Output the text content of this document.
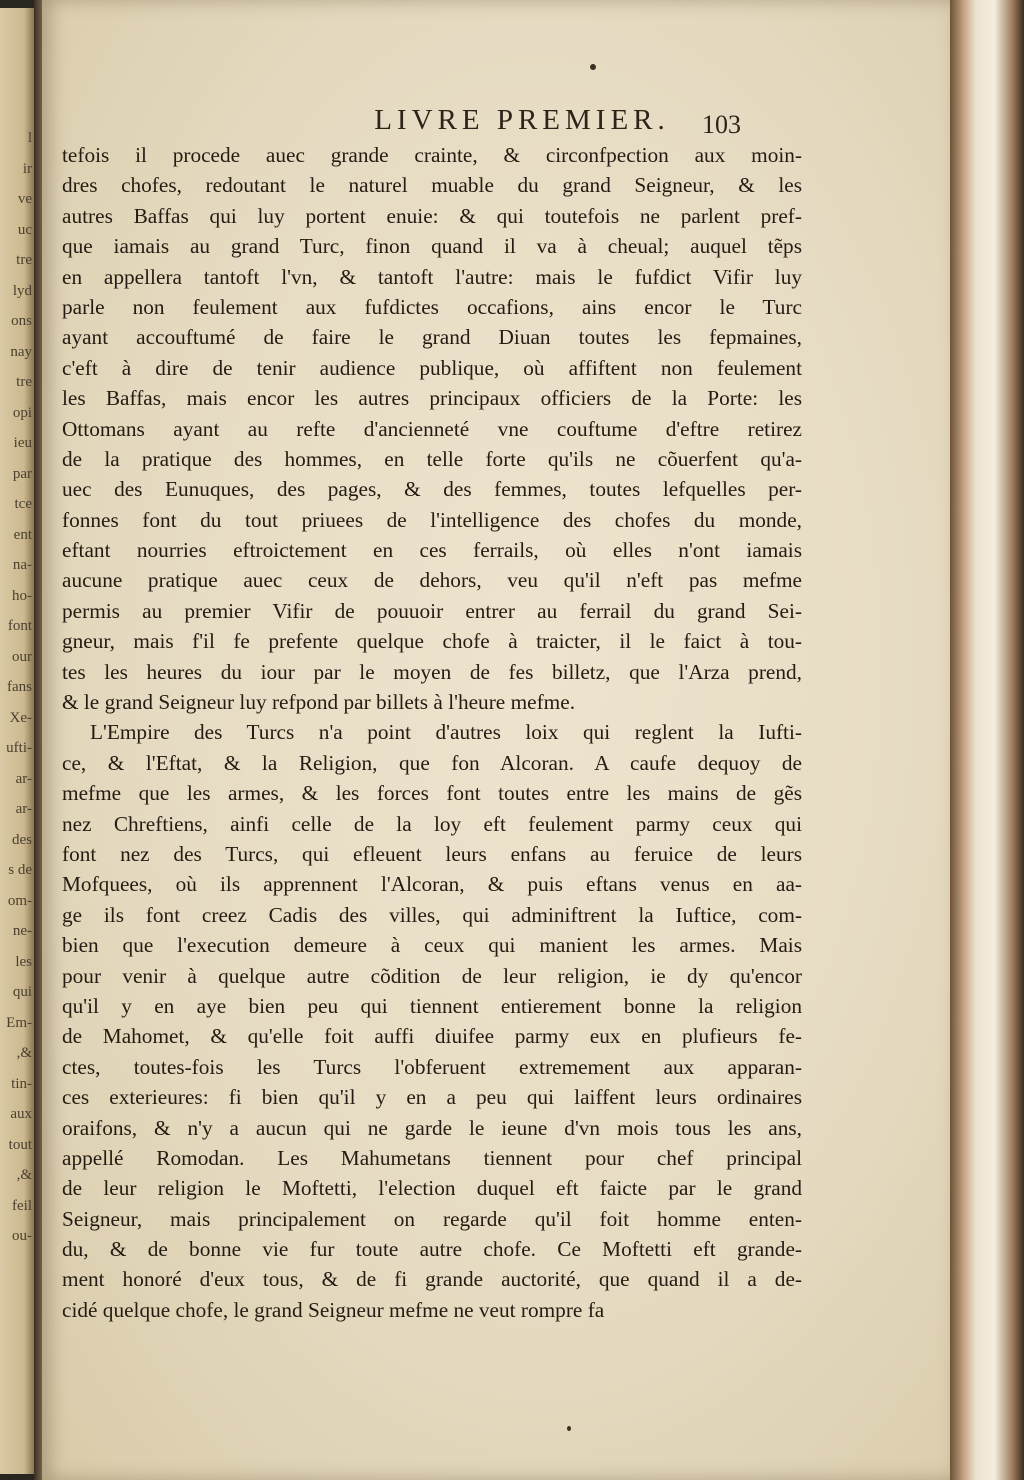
l
ir
ve
uc
tre
lyd
ons
nay
tre
opi
ieu
par
tce
ent
na-
ho-
font
our
fans
Xe-
ufti-
ar-
ar-
des
s de
om-
ne-
les
qui
Em-
,&
tin-
aux
tout
,&
feil
ou-
LIVRE PREMIER.	103
tefois il procede auec grande crainte, & circonfpection aux moin-
dres chofes, redoutant le naturel muable du grand Seigneur, & les
autres Baffas qui luy portent enuie: & qui toutefois ne parlent pref-
que iamais au grand Turc, finon quand il va à cheual; auquel tẽps
en appellera tantoft l'vn, & tantoft l'autre: mais le fufdict Vifir luy
parle non feulement aux fufdictes occafions, ains encor le Turc
ayant accouftumé de faire le grand Diuan toutes les fepmaines,
c'eft à dire de tenir audience publique, où affiftent non feulement
les Baffas, mais encor les autres principaux officiers de la Porte: les
Ottomans ayant au refte d'ancienneté vne couftume d'eftre retirez
de la pratique des hommes, en telle forte qu'ils ne cõuerfent qu'a-
uec des Eunuques, des pages, & des femmes, toutes lefquelles per-
fonnes font du tout priuees de l'intelligence des chofes du monde,
eftant nourries eftroictement en ces ferrails, où elles n'ont iamais
aucune pratique auec ceux de dehors, veu qu'il n'eft pas mefme
permis au premier Vifir de pouuoir entrer au ferrail du grand Sei-
gneur, mais f'il fe prefente quelque chofe à traicter, il le faict à tou-
tes les heures du iour par le moyen de fes billetz, que l'Arza prend,
& le grand Seigneur luy refpond par billets à l'heure mefme.
L'Empire des Turcs n'a point d'autres loix qui reglent la Iufti-
ce, & l'Eftat, & la Religion, que fon Alcoran. A caufe dequoy de
mefme que les armes, & les forces font toutes entre les mains de gẽs
nez Chreftiens, ainfi celle de la loy eft feulement parmy ceux qui
font nez des Turcs, qui efleuent leurs enfans au feruice de leurs
Mofquees, où ils apprennent l'Alcoran, & puis eftans venus en aa-
ge ils font creez Cadis des villes, qui adminiftrent la Iuftice, com-
bien que l'execution demeure à ceux qui manient les armes. Mais
pour venir à quelque autre cõdition de leur religion, ie dy qu'encor
qu'il y en aye bien peu qui tiennent entierement bonne la religion
de Mahomet, & qu'elle foit auffi diuifee parmy eux en plufieurs fe-
ctes, toutes-fois les Turcs l'obferuent extremement aux apparan-
ces exterieures: fi bien qu'il y en a peu qui laiffent leurs ordinaires
oraifons, & n'y a aucun qui ne garde le ieune d'vn mois tous les ans,
appellé Romodan. Les Mahumetans tiennent pour chef principal
de leur religion le Moftetti, l'election duquel eft faicte par le grand
Seigneur, mais principalement on regarde qu'il foit homme enten-
du, & de bonne vie fur toute autre chofe. Ce Moftetti eft grande-
ment honoré d'eux tous, & de fi grande auctorité, que quand il a de-
cidé quelque chofe, le grand Seigneur mefme ne veut rompre fa
